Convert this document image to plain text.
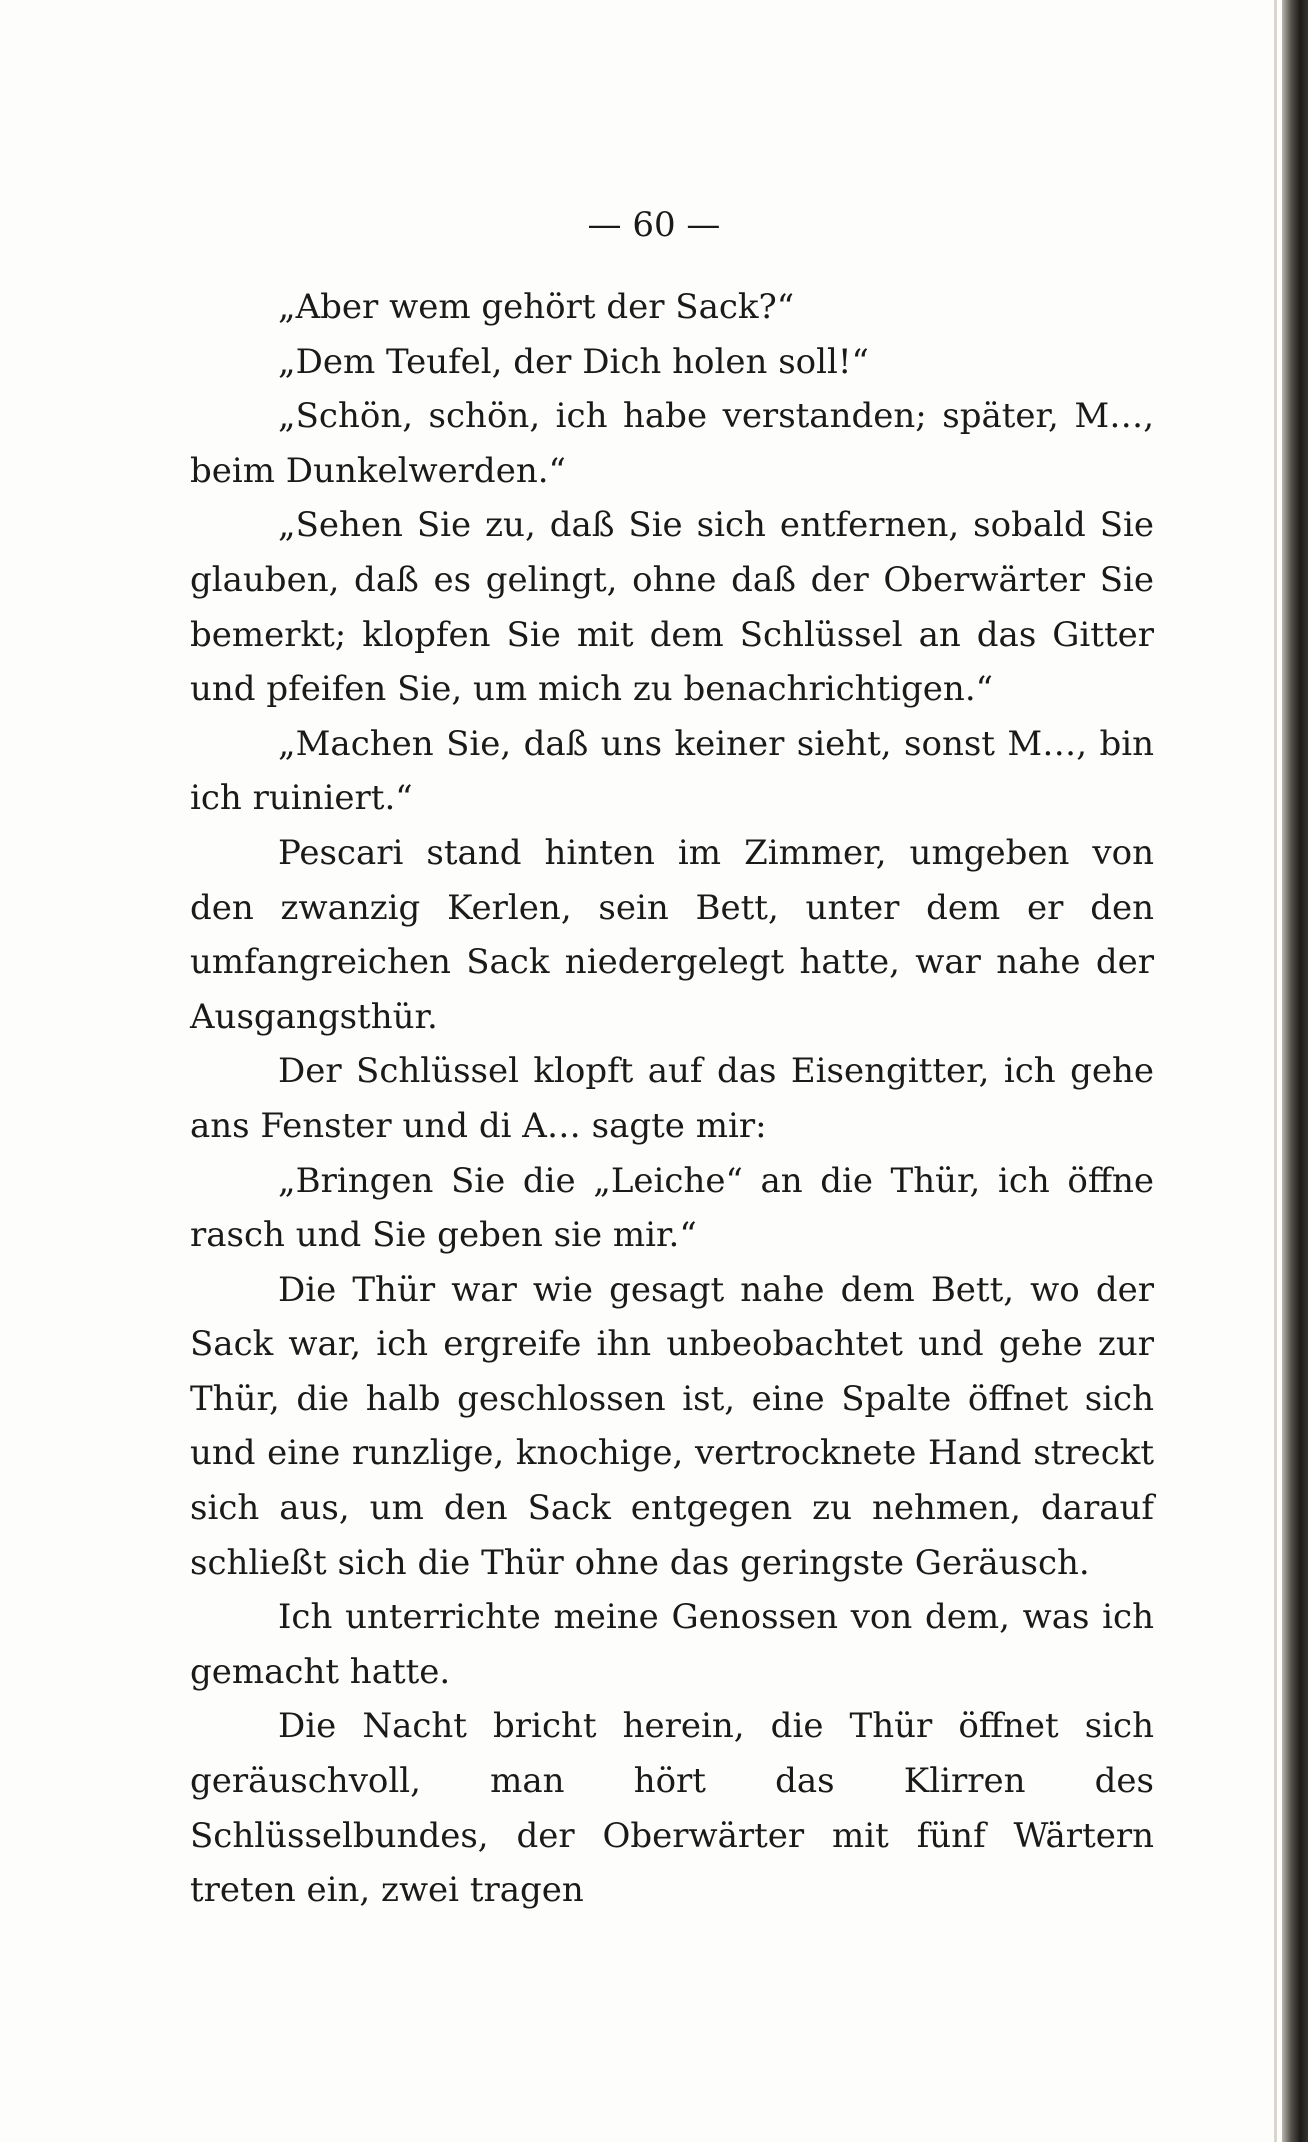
— 60 —

„Aber wem gehört der Sack?“

„Dem Teufel, der Dich holen soll!“

„Schön, schön, ich habe verstanden; später, M…, beim Dunkelwerden.“

„Sehen Sie zu, daß Sie sich entfernen, sobald Sie glauben, daß es gelingt, ohne daß der Oberwärter Sie bemerkt; klopfen Sie mit dem Schlüssel an das Gitter und pfeifen Sie, um mich zu benachrichtigen.“

„Machen Sie, daß uns keiner sieht, sonst M…, bin ich ruiniert.“

Pescari stand hinten im Zimmer, umgeben von den zwanzig Kerlen, sein Bett, unter dem er den umfangreichen Sack niedergelegt hatte, war nahe der Ausgangsthür.

Der Schlüssel klopft auf das Eisengitter, ich gehe ans Fenster und di A… sagte mir:

„Bringen Sie die „Leiche“ an die Thür, ich öffne rasch und Sie geben sie mir.“

Die Thür war wie gesagt nahe dem Bett, wo der Sack war, ich ergreife ihn unbeobachtet und gehe zur Thür, die halb geschlossen ist, eine Spalte öffnet sich und eine runzlige, knochige, vertrocknete Hand streckt sich aus, um den Sack entgegen zu nehmen, darauf schließt sich die Thür ohne das geringste Geräusch.

Ich unterrichte meine Genossen von dem, was ich gemacht hatte.

Die Nacht bricht herein, die Thür öffnet sich geräuschvoll, man hört das Klirren des Schlüsselbundes, der Oberwärter mit fünf Wärtern treten ein, zwei tragen
